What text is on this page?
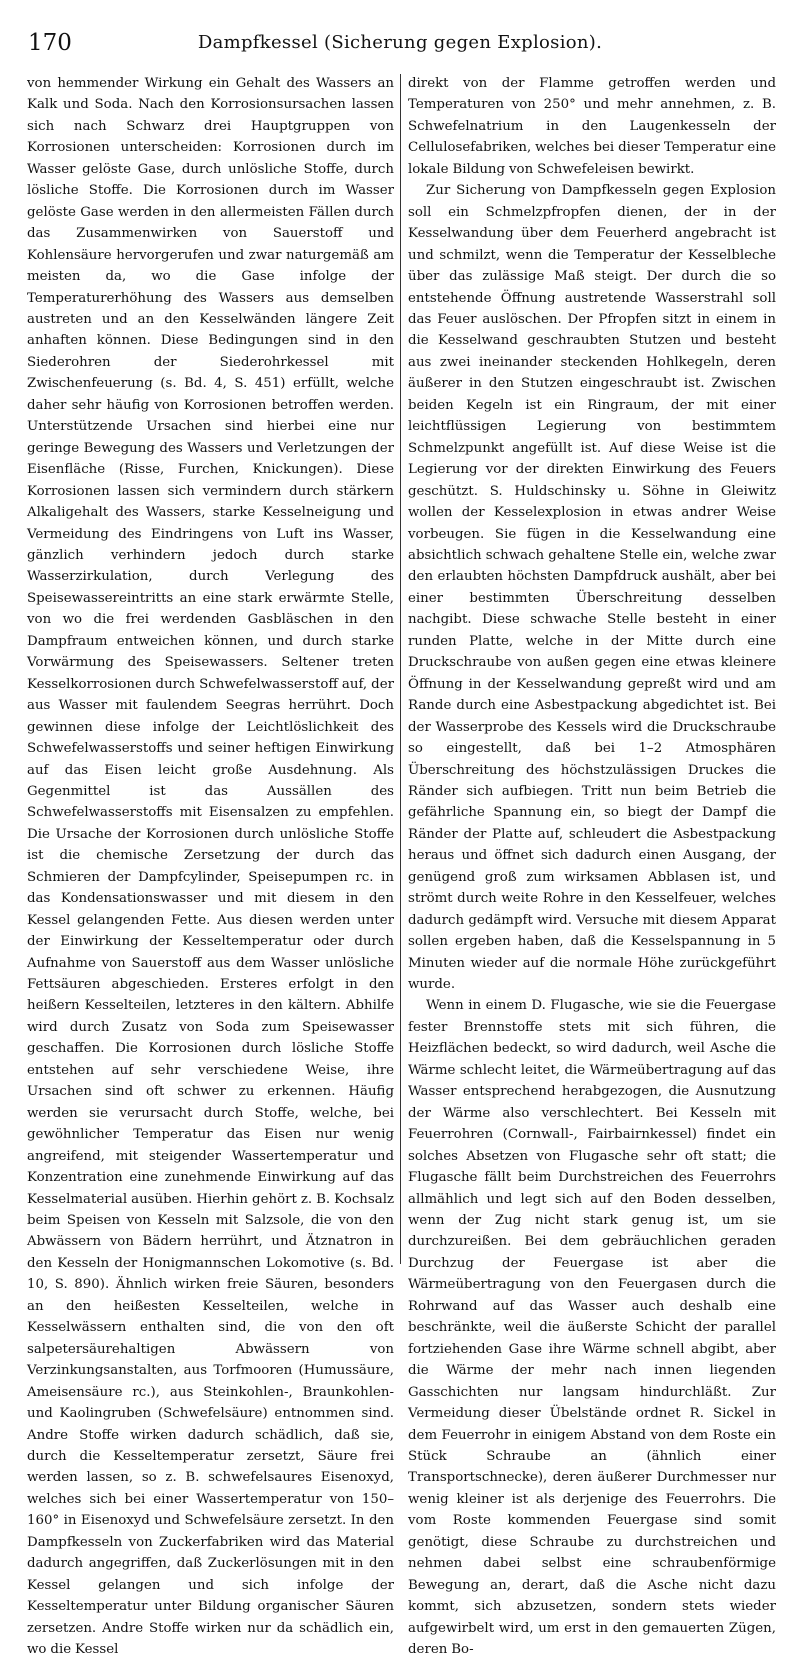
170	Dampfkessel (Sicherung gegen Explosion).

von hemmender Wirkung ein Gehalt des Wassers an Kalk und Soda. Nach den Korrosionsursachen lassen sich nach Schwarz drei Hauptgruppen von Korrosionen unterscheiden: Korrosionen durch im Wasser gelöste Gase, durch unlösliche Stoffe, durch lösliche Stoffe. Die Korrosionen durch im Wasser gelöste Gase werden in den allermeisten Fällen durch das Zusammenwirken von Sauerstoff und Kohlensäure hervorgerufen und zwar naturgemäß am meisten da, wo die Gase infolge der Temperaturerhöhung des Wassers aus demselben austreten und an den Kesselwänden längere Zeit anhaften können. Diese Bedingungen sind in den Siederohren der Siederohrkessel mit Zwischenfeuerung (s. Bd. 4, S. 451) erfüllt, welche daher sehr häufig von Korrosionen betroffen werden. Unterstützende Ursachen sind hierbei eine nur geringe Bewegung des Wassers und Verletzungen der Eisenfläche (Risse, Furchen, Knickungen). Diese Korrosionen lassen sich vermindern durch stärkern Alkaligehalt des Wassers, starke Kesselneigung und Vermeidung des Eindringens von Luft ins Wasser, gänzlich verhindern jedoch durch starke Wasserzirkulation, durch Verlegung des Speisewassereintritts an eine stark erwärmte Stelle, von wo die frei werdenden Gasbläschen in den Dampfraum entweichen können, und durch starke Vorwärmung des Speisewassers. Seltener treten Kesselkorrosionen durch Schwefelwasserstoff auf, der aus Wasser mit faulendem Seegras herrührt. Doch gewinnen diese infolge der Leichtlöslichkeit des Schwefelwasserstoffs und seiner heftigen Einwirkung auf das Eisen leicht große Ausdehnung. Als Gegenmittel ist das Aussällen des Schwefelwasserstoffs mit Eisensalzen zu empfehlen. Die Ursache der Korrosionen durch unlösliche Stoffe ist die chemische Zersetzung der durch das Schmieren der Dampfcylinder, Speisepumpen rc. in das Kondensationswasser und mit diesem in den Kessel gelangenden Fette. Aus diesen werden unter der Einwirkung der Kesseltemperatur oder durch Aufnahme von Sauerstoff aus dem Wasser unlösliche Fettsäuren abgeschieden. Ersteres erfolgt in den heißern Kesselteilen, letzteres in den kältern. Abhilfe wird durch Zusatz von Soda zum Speisewasser geschaffen. Die Korrosionen durch lösliche Stoffe entstehen auf sehr verschiedene Weise, ihre Ursachen sind oft schwer zu erkennen. Häufig werden sie verursacht durch Stoffe, welche, bei gewöhnlicher Temperatur das Eisen nur wenig angreifend, mit steigender Wassertemperatur und Konzentration eine zunehmende Einwirkung auf das Kesselmaterial ausüben. Hierhin gehört z. B. Kochsalz beim Speisen von Kesseln mit Salzsole, die von den Abwässern von Bädern herrührt, und Ätznatron in den Kesseln der Honigmannschen Lokomotive (s. Bd. 10, S. 890). Ähnlich wirken freie Säuren, besonders an den heißesten Kesselteilen, welche in Kesselwässern enthalten sind, die von den oft salpetersäurehaltigen Abwässern von Verzinkungsanstalten, aus Torfmooren (Humussäure, Ameisensäure rc.), aus Steinkohlen-, Braunkohlen- und Kaolingruben (Schwefelsäure) entnommen sind. Andre Stoffe wirken dadurch schädlich, daß sie, durch die Kesseltemperatur zersetzt, Säure frei werden lassen, so z. B. schwefelsaures Eisenoxyd, welches sich bei einer Wassertemperatur von 150–160° in Eisenoxyd und Schwefelsäure zersetzt. In den Dampfkesseln von Zuckerfabriken wird das Material dadurch angegriffen, daß Zuckerlösungen mit in den Kessel gelangen und sich infolge der Kesseltemperatur unter Bildung organischer Säuren zersetzen. Andre Stoffe wirken nur da schädlich ein, wo die Kessel

direkt von der Flamme getroffen werden und Temperaturen von 250° und mehr annehmen, z. B. Schwefelnatrium in den Laugenkesseln der Cellulosefabriken, welches bei dieser Temperatur eine lokale Bildung von Schwefeleisen bewirkt.

Zur Sicherung von Dampfkesseln gegen Explosion soll ein Schmelzpfropfen dienen, der in der Kesselwandung über dem Feuerherd angebracht ist und schmilzt, wenn die Temperatur der Kesselbleche über das zulässige Maß steigt. Der durch die so entstehende Öffnung austretende Wasserstrahl soll das Feuer auslöschen. Der Pfropfen sitzt in einem in die Kesselwand geschraubten Stutzen und besteht aus zwei ineinander steckenden Hohlkegeln, deren äußerer in den Stutzen eingeschraubt ist. Zwischen beiden Kegeln ist ein Ringraum, der mit einer leichtflüssigen Legierung von bestimmtem Schmelzpunkt angefüllt ist. Auf diese Weise ist die Legierung vor der direkten Einwirkung des Feuers geschützt. S. Huldschinsky u. Söhne in Gleiwitz wollen der Kesselexplosion in etwas andrer Weise vorbeugen. Sie fügen in die Kesselwandung eine absichtlich schwach gehaltene Stelle ein, welche zwar den erlaubten höchsten Dampfdruck aushält, aber bei einer bestimmten Überschreitung desselben nachgibt. Diese schwache Stelle besteht in einer runden Platte, welche in der Mitte durch eine Druckschraube von außen gegen eine etwas kleinere Öffnung in der Kesselwandung gepreßt wird und am Rande durch eine Asbestpackung abgedichtet ist. Bei der Wasserprobe des Kessels wird die Druckschraube so eingestellt, daß bei 1–2 Atmosphären Überschreitung des höchstzulässigen Druckes die Ränder sich aufbiegen. Tritt nun beim Betrieb die gefährliche Spannung ein, so biegt der Dampf die Ränder der Platte auf, schleudert die Asbestpackung heraus und öffnet sich dadurch einen Ausgang, der genügend groß zum wirksamen Abblasen ist, und strömt durch weite Rohre in den Kesselfeuer, welches dadurch gedämpft wird. Versuche mit diesem Apparat sollen ergeben haben, daß die Kesselspannung in 5 Minuten wieder auf die normale Höhe zurückgeführt wurde.

Wenn in einem D. Flugasche, wie sie die Feuergase fester Brennstoffe stets mit sich führen, die Heizflächen bedeckt, so wird dadurch, weil Asche die Wärme schlecht leitet, die Wärmeübertragung auf das Wasser entsprechend herabgezogen, die Ausnutzung der Wärme also verschlechtert. Bei Kesseln mit Feuerrohren (Cornwall-, Fairbairnkessel) findet ein solches Absetzen von Flugasche sehr oft statt; die Flugasche fällt beim Durchstreichen des Feuerrohrs allmählich und legt sich auf den Boden desselben, wenn der Zug nicht stark genug ist, um sie durchzureißen. Bei dem gebräuchlichen geraden Durchzug der Feuergase ist aber die Wärmeübertragung von den Feuergasen durch die Rohrwand auf das Wasser auch deshalb eine beschränkte, weil die äußerste Schicht der parallel fortziehenden Gase ihre Wärme schnell abgibt, aber die Wärme der mehr nach innen liegenden Gasschichten nur langsam hindurchläßt. Zur Vermeidung dieser Übelstände ordnet R. Sickel in dem Feuerrohr in einigem Abstand von dem Roste ein Stück Schraube an (ähnlich einer Transportschnecke), deren äußerer Durchmesser nur wenig kleiner ist als derjenige des Feuerrohrs. Die vom Roste kommenden Feuergase sind somit genötigt, diese Schraube zu durchstreichen und nehmen dabei selbst eine schraubenförmige Bewegung an, derart, daß die Asche nicht dazu kommt, sich abzusetzen, sondern stets wieder aufgewirbelt wird, um erst in den gemauerten Zügen, deren Bo-
